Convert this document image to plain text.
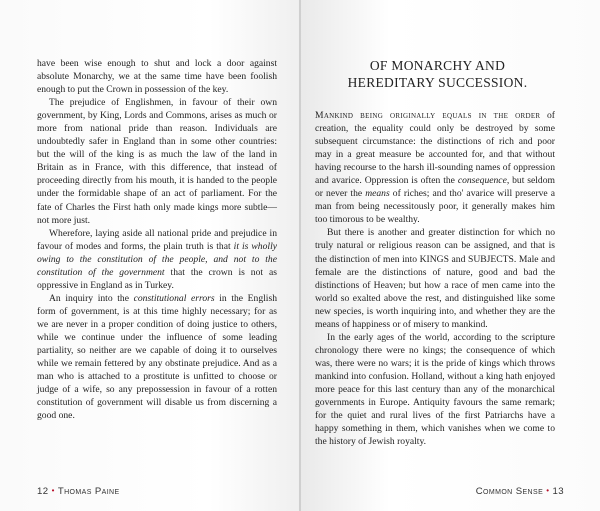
have been wise enough to shut and lock a door against absolute Monarchy, we at the same time have been foolish enough to put the Crown in possession of the key.

The prejudice of Englishmen, in favour of their own government, by King, Lords and Commons, arises as much or more from national pride than reason. Individuals are undoubtedly safer in England than in some other countries: but the will of the king is as much the law of the land in Britain as in France, with this difference, that instead of proceeding directly from his mouth, it is handed to the people under the formidable shape of an act of parliament. For the fate of Charles the First hath only made kings more subtle—not more just.

Wherefore, laying aside all national pride and prejudice in favour of modes and forms, the plain truth is that it is wholly owing to the constitution of the people, and not to the constitution of the government that the crown is not as oppressive in England as in Turkey.

An inquiry into the constitutional errors in the English form of government, is at this time highly necessary; for as we are never in a proper condition of doing justice to others, while we continue under the influence of some leading partiality, so neither are we capable of doing it to ourselves while we remain fettered by any obstinate prejudice. And as a man who is attached to a prostitute is unfitted to choose or judge of a wife, so any prepossession in favour of a rotten constitution of government will disable us from discerning a good one.

12 • Thomas Paine
OF MONARCHY AND
HEREDITARY SUCCESSION.

Mankind being originally equals in the order of creation, the equality could only be destroyed by some subsequent circumstance: the distinctions of rich and poor may in a great measure be accounted for, and that without having recourse to the harsh ill-sounding names of oppression and avarice. Oppression is often the consequence, but seldom or never the means of riches; and tho' avarice will preserve a man from being necessitously poor, it generally makes him too timorous to be wealthy.

But there is another and greater distinction for which no truly natural or religious reason can be assigned, and that is the distinction of men into KINGS and SUBJECTS. Male and female are the distinctions of nature, good and bad the distinctions of Heaven; but how a race of men came into the world so exalted above the rest, and distinguished like some new species, is worth inquiring into, and whether they are the means of happiness or of misery to mankind.

In the early ages of the world, according to the scripture chronology there were no kings; the consequence of which was, there were no wars; it is the pride of kings which throws mankind into confusion. Holland, without a king hath enjoyed more peace for this last century than any of the monarchical governments in Europe. Antiquity favours the same remark; for the quiet and rural lives of the first Patriarchs have a happy something in them, which vanishes when we come to the history of Jewish royalty.

Common Sense • 13
